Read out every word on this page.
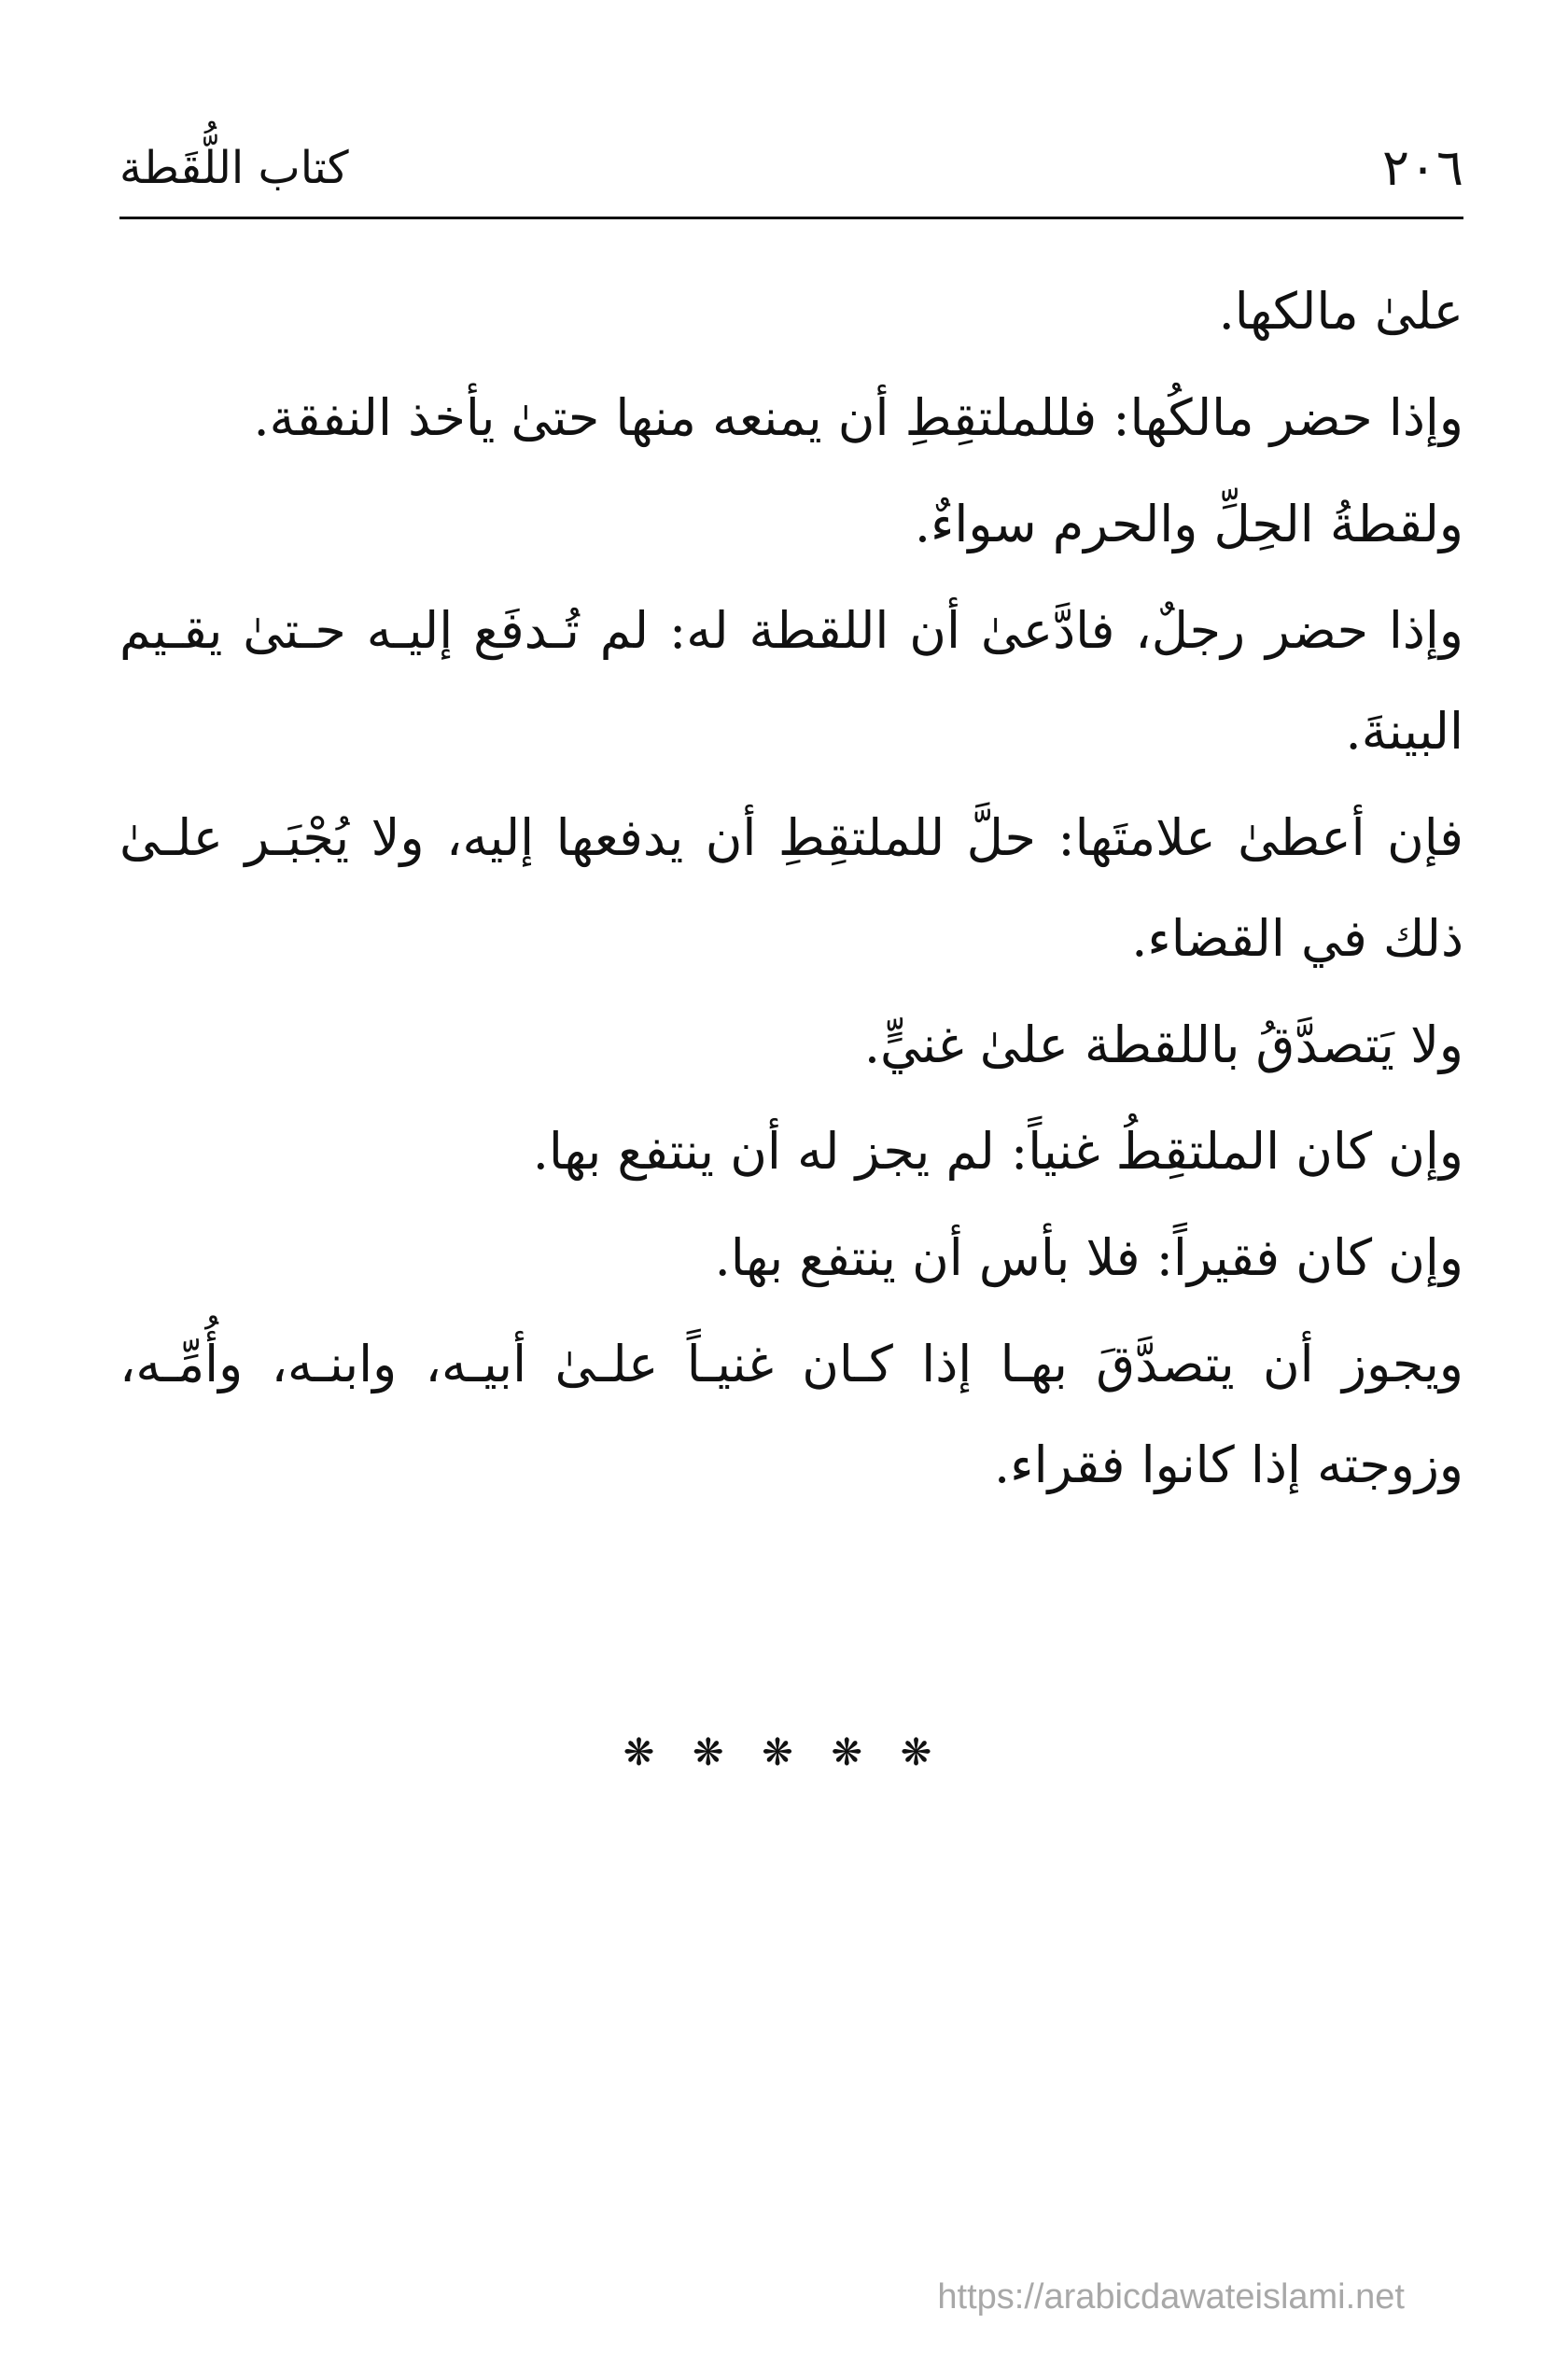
٢٠٦
كتاب اللُّقَطة

علىٰ مالكها.

وإذا حضر مالكُها: فللملتقِطِ أن يمنعه منها حتىٰ يأخذ النفقة.

ولقطةُ الحِلِّ والحرم سواءٌ.

وإذا حضر رجلٌ، فادَّعىٰ أن اللقطة له: لم تُـدفَع إليـه حـتىٰ يقـيم البينةَ.

فإن أعطىٰ علامتَها: حلَّ للملتقِطِ أن يدفعها إليه، ولا يُجْبَـر علـىٰ ذلك في القضاء.

ولا يَتصدَّقُ باللقطة علىٰ غنيٍّ.

وإن كان الملتقِطُ غنياً: لم يجز له أن ينتفع بها.

وإن كان فقيراً: فلا بأس أن ينتفع بها.

ويجوز أن يتصدَّقَ بهـا إذا كـان غنيـاً علـىٰ أبيـه، وابنـه، وأُمِّـه، وزوجته إذا كانوا فقراء.

❋ ❋ ❋ ❋ ❋
https://arabicdawateislami.net
